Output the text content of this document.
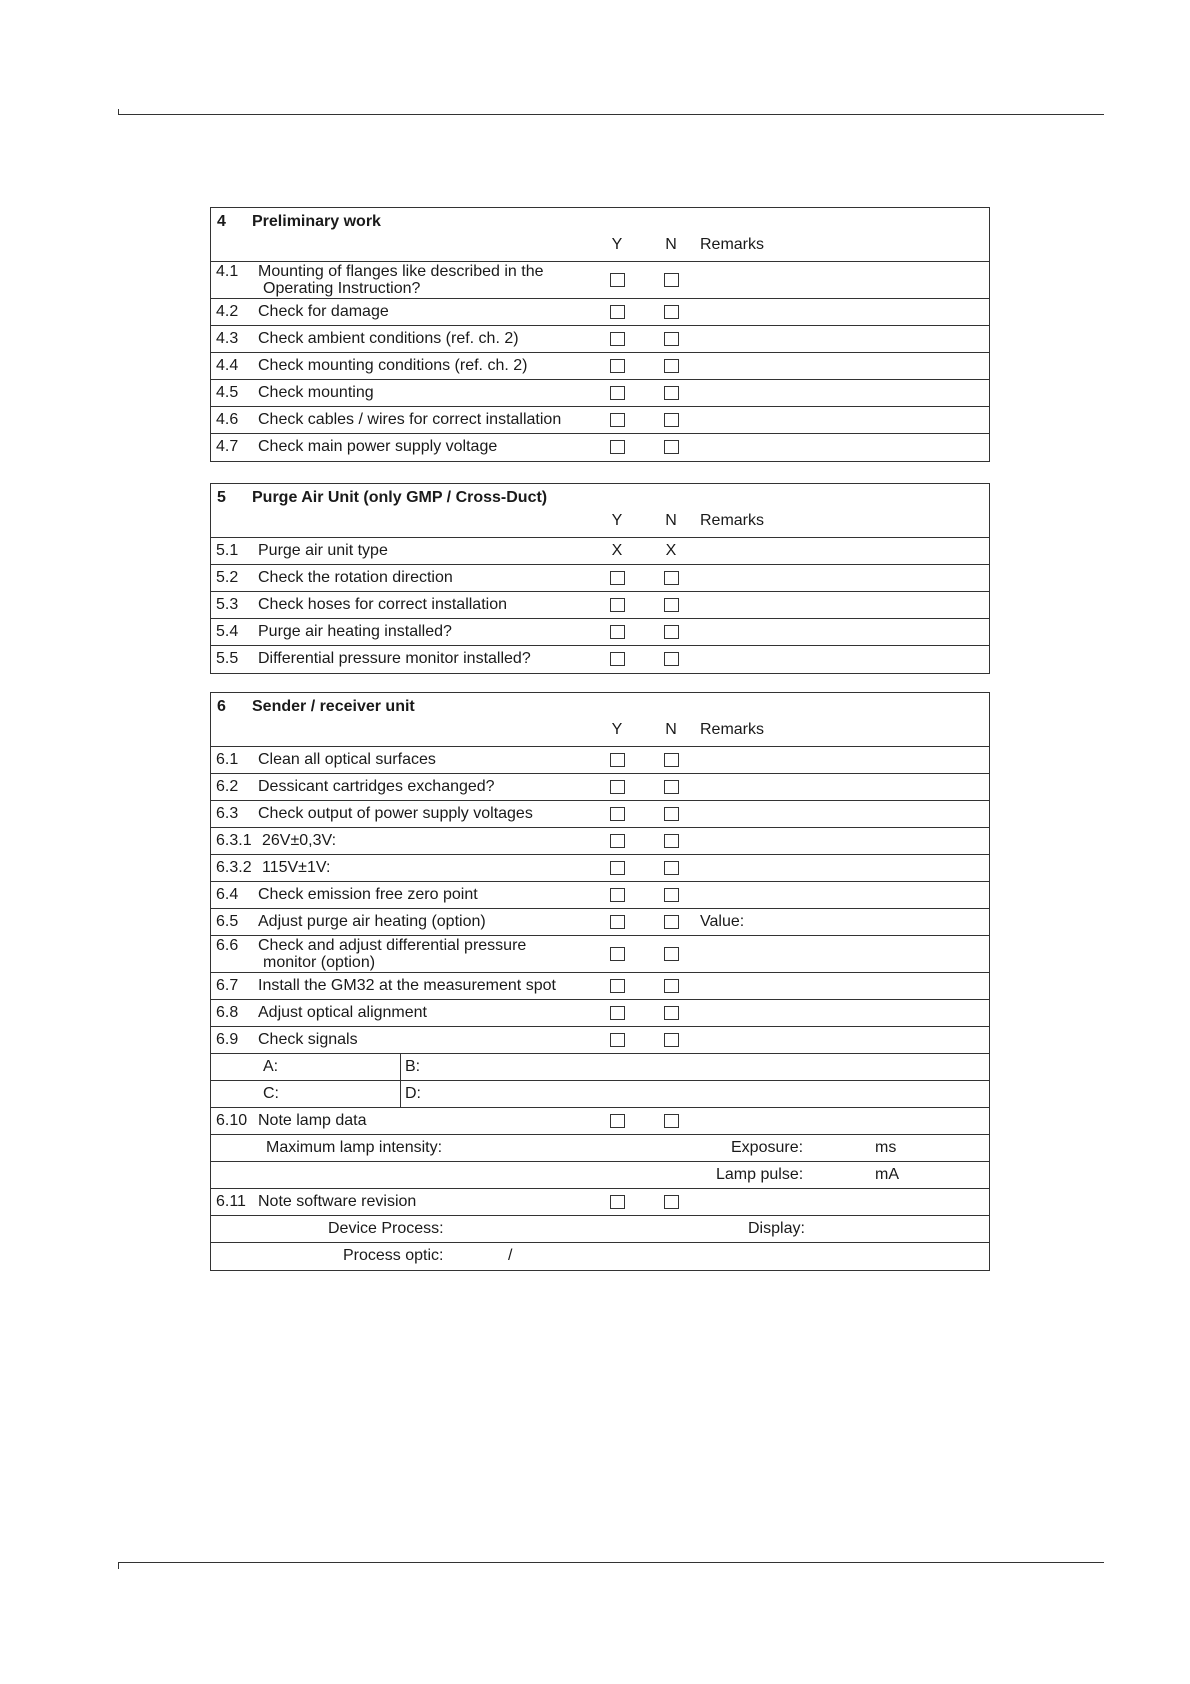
4 Preliminary work
Y	N Remarks
4.1 Mounting of flanges like described in the
Operating Instruction?
4.2 Check for damage
4.3 Check ambient conditions (ref. ch. 2)
4.4 Check mounting conditions (ref. ch. 2)
4.5 Check mounting
4.6 Check cables / wires for correct installation
4.7 Check main power supply voltage
5 Purge Air Unit (only GMP / Cross-Duct)
Y	N Remarks
5.1 Purge air unit type	X	X
5.2 Check the rotation direction
5.3 Check hoses for correct installation
5.4 Purge air heating installed?
5.5 Differential pressure monitor installed?
6 Sender / receiver unit
Y	N Remarks
6.1 Clean all optical surfaces
6.2 Dessicant cartridges exchanged?
6.3 Check output of power supply voltages
6.3.1 26V±0,3V:
6.3.2 115V±1V:
6.4 Check emission free zero point
6.5 Adjust purge air heating (option)	Value:
6.6 Check and adjust differential pressure
monitor (option)
6.7 Install the GM32 at the measurement spot
6.8 Adjust optical alignment
6.9 Check signals
A:	B:
C:	D:
6.10 Note lamp data
Maximum lamp intensity:	Exposure:	ms
Lamp pulse:	mA
6.11 Note software revision
Device Process:	Display:
Process optic:	/
